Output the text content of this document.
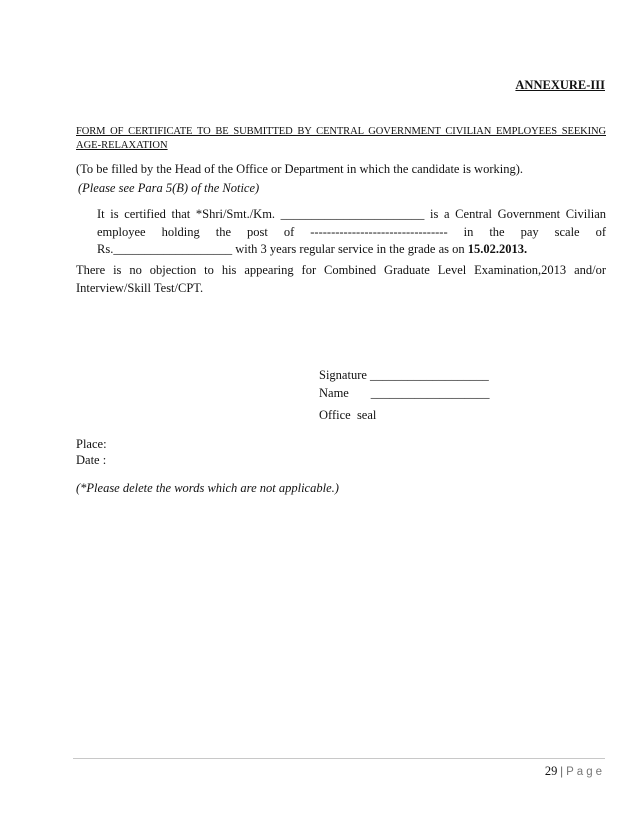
ANNEXURE-III
FORM OF CERTIFICATE TO BE SUBMITTED BY CENTRAL GOVERNMENT CIVILIAN EMPLOYEES SEEKING
AGE-RELAXATION
(To be filled by the Head of the Office or Department in which the candidate is working).
(Please see Para 5(B) of the Notice)
It is certified that *Shri/Smt./Km. _______________________ is a Central Government Civilian
employee holding the post of --------------------------------- in the pay scale of
Rs.___________________ with 3 years regular service in the grade as on 15.02.2013.
There is no objection to his appearing for Combined Graduate Level Examination,2013 and/or
Interview/Skill Test/CPT.
Signature ___________________
Name       ___________________
Office  seal
Place:
Date :
(*Please delete the words which are not applicable.)
29 | Page
